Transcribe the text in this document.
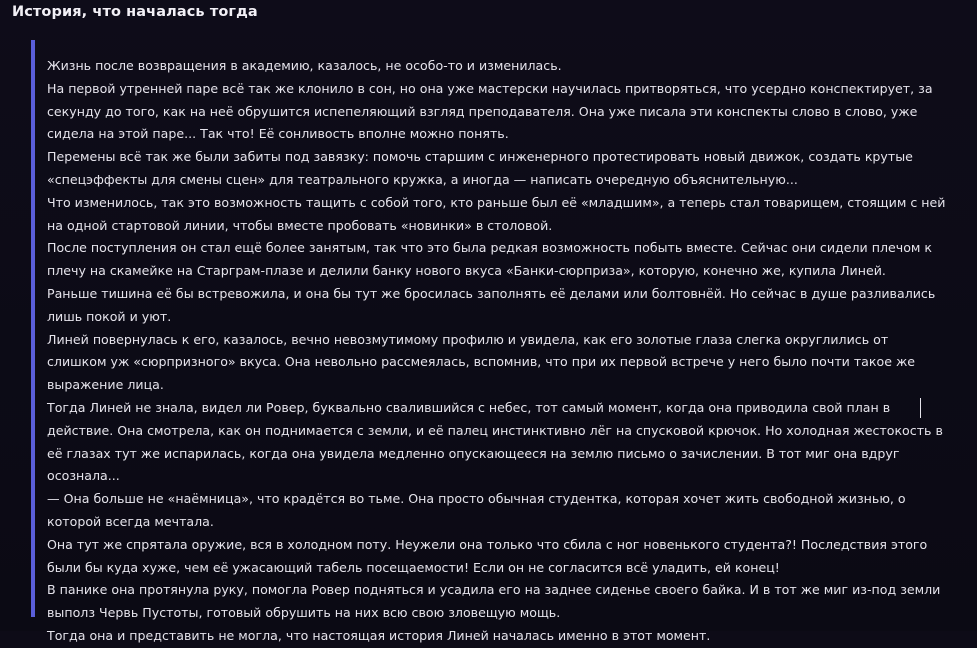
История, что началась тогда

Жизнь после возвращения в академию, казалось, не особо-то и изменилась.

На первой утренней паре всё так же клонило в сон, но она уже мастерски научилась притворяться, что усердно конспектирует, за секунду до того, как на неё обрушится испепеляющий взгляд преподавателя. Она уже писала эти конспекты слово в слово, уже сидела на этой паре... Так что! Её сонливость вполне можно понять.

Перемены всё так же были забиты под завязку: помочь старшим с инженерного протестировать новый движок, создать крутые «спецэффекты для смены сцен» для театрального кружка, а иногда — написать очередную объяснительную...

Что изменилось, так это возможность тащить с собой того, кто раньше был её «младшим», а теперь стал товарищем, стоящим с ней на одной стартовой линии, чтобы вместе пробовать «новинки» в столовой.

После поступления он стал ещё более занятым, так что это была редкая возможность побыть вместе. Сейчас они сидели плечом к плечу на скамейке на Старграм-плазе и делили банку нового вкуса «Банки-сюрприза», которую, конечно же, купила Линей.

Раньше тишина её бы встревожила, и она бы тут же бросилась заполнять её делами или болтовнёй. Но сейчас в душе разливались лишь покой и уют.

Линей повернулась к его, казалось, вечно невозмутимому профилю и увидела, как его золотые глаза слегка округлились от слишком уж «сюрпризного» вкуса. Она невольно рассмеялась, вспомнив, что при их первой встрече у него было почти такое же выражение лица.

Тогда Линей не знала, видел ли Ровер, буквально свалившийся с небес, тот самый момент, когда она приводила свой план в действие. Она смотрела, как он поднимается с земли, и её палец инстинктивно лёг на спусковой крючок. Но холодная жестокость в её глазах тут же испарилась, когда она увидела медленно опускающееся на землю письмо о зачислении. В тот миг она вдруг осознала...

— Она больше не «наёмница», что крадётся во тьме. Она просто обычная студентка, которая хочет жить свободной жизнью, о которой всегда мечтала.

Она тут же спрятала оружие, вся в холодном поту. Неужели она только что сбила с ног новенького студента?! Последствия этого были бы куда хуже, чем её ужасающий табель посещаемости! Если он не согласится всё уладить, ей конец!

В панике она протянула руку, помогла Ровер подняться и усадила его на заднее сиденье своего байка. И в тот же миг из-под земли выполз Червь Пустоты, готовый обрушить на них всю свою зловещую мощь.

Тогда она и представить не могла, что настоящая история Линей началась именно в этот момент.
